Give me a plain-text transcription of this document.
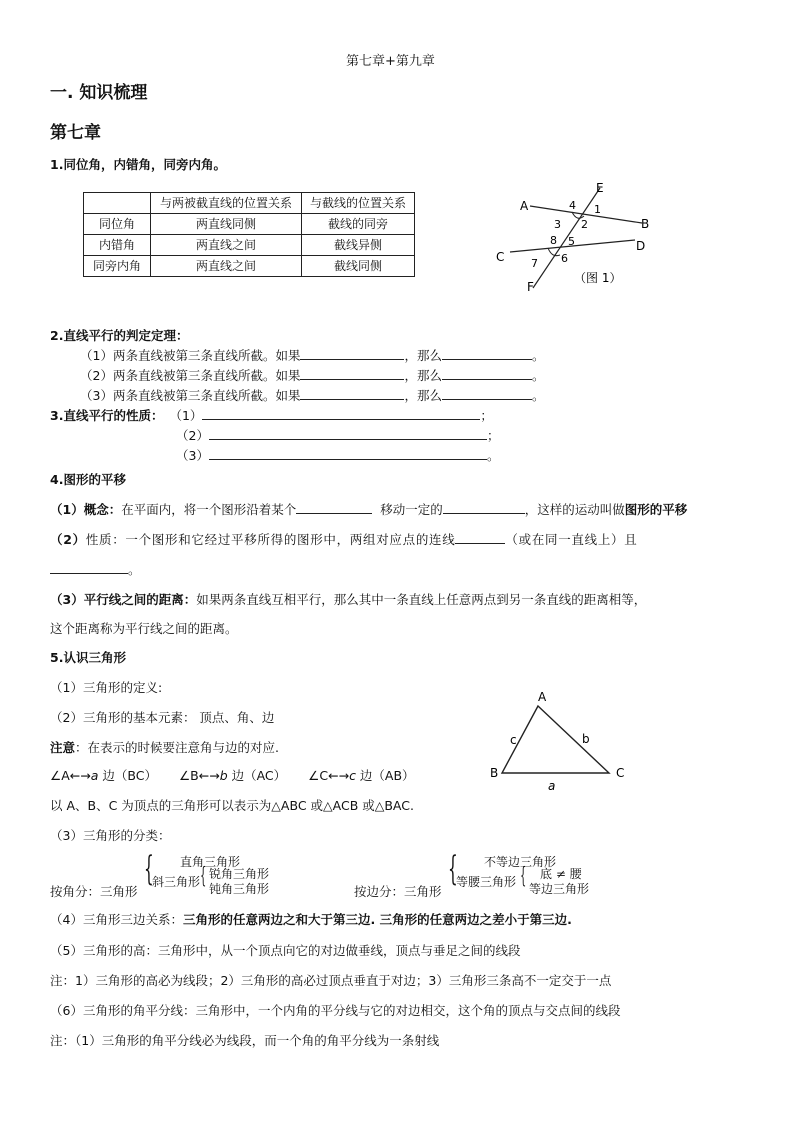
第七章+第九章
一. 知识梳理
第七章
1.同位角，内错角，同旁内角。
	与两被截直线的位置关系	与截线的位置关系
同位角	两直线同侧	截线的同旁
内错角	两直线之间	截线异侧
同旁内角	两直线之间	截线同侧
A
B
C
D
E
F
1
2
3
4
5
6
7
8
（图 1）
2.直线平行的判定定理：
（1）两条直线被第三条直线所截。如果	，那么	。
（2）两条直线被第三条直线所截。如果	，那么	。
（3）两条直线被第三条直线所截。如果	，那么	。
3.直线平行的性质： （1）	；
（2）	；
（3）	。
4.图形的平移
（1）概念：在平面内，将一个图形沿着某个	移动一定的	，这样的运动叫做图形的平移
（2）性质：一个图形和它经过平移所得的图形中，两组对应点的连线	（或在同一直线上）且
。
（3）平行线之间的距离：如果两条直线互相平行，那么其中一条直线上任意两点到另一条直线的距离相等，
这个距离称为平行线之间的距离。
5.认识三角形
（1）三角形的定义:
（2）三角形的基本元素： 顶点、角、边
注意：在表示的时候要注意角与边的对应.
∠A←→a 边（BC） ∠B←→b 边（AC） ∠C←→c 边（AB）
以 A、B、C 为顶点的三角形可以表示为△ABC 或△ACB 或△BAC.
A
B	C
a
b
c
（3）三角形的分类：
按角分：三角形
{ 直角三角形
斜三角形 { 锐角三角形
钝角三角形	按边分：三角形
{ 不等边三角形
等腰三角形 { 底 ≠ 腰
等边三角形
（4）三角形三边关系：三角形的任意两边之和大于第三边. 三角形的任意两边之差小于第三边.
（5）三角形的高：三角形中，从一个顶点向它的对边做垂线，顶点与垂足之间的线段
注：1）三角形的高必为线段；2）三角形的高必过顶点垂直于对边；3）三角形三条高不一定交于一点
（6）三角形的角平分线：三角形中，一个内角的平分线与它的对边相交，这个角的顶点与交点间的线段
注：（1）三角形的角平分线必为线段，而一个角的角平分线为一条射线
